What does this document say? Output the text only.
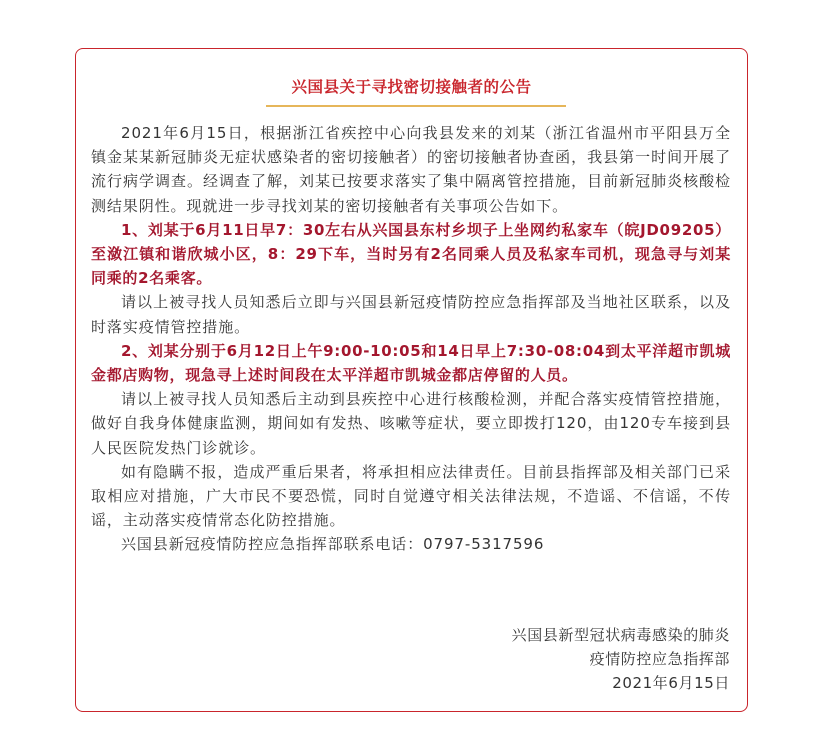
兴国县关于寻找密切接触者的公告

2021年6月15日，根据浙江省疾控中心向我县发来的刘某（浙江省温州市平阳县万全镇金某某新冠肺炎无症状感染者的密切接触者）的密切接触者协查函，我县第一时间开展了流行病学调查。经调查了解，刘某已按要求落实了集中隔离管控措施，目前新冠肺炎核酸检测结果阴性。现就进一步寻找刘某的密切接触者有关事项公告如下。

1、刘某于6月11日早7：30左右从兴国县东村乡坝子上坐网约私家车（皖JD09205）至潋江镇和谐欣城小区，8：29下车，当时另有2名同乘人员及私家车司机，现急寻与刘某同乘的2名乘客。

请以上被寻找人员知悉后立即与兴国县新冠疫情防控应急指挥部及当地社区联系，以及时落实疫情管控措施。

2、刘某分别于6月12日上午9:00-10:05和14日早上7:30-08:04到太平洋超市凯城金都店购物，现急寻上述时间段在太平洋超市凯城金都店停留的人员。

请以上被寻找人员知悉后主动到县疾控中心进行核酸检测，并配合落实疫情管控措施，做好自我身体健康监测，期间如有发热、咳嗽等症状，要立即拨打120，由120专车接到县人民医院发热门诊就诊。

如有隐瞒不报，造成严重后果者，将承担相应法律责任。目前县指挥部及相关部门已采取相应对措施，广大市民不要恐慌，同时自觉遵守相关法律法规，不造谣、不信谣，不传谣，主动落实疫情常态化防控措施。

兴国县新冠疫情防控应急指挥部联系电话：0797-5317596

兴国县新型冠状病毒感染的肺炎
疫情防控应急指挥部
2021年6月15日
